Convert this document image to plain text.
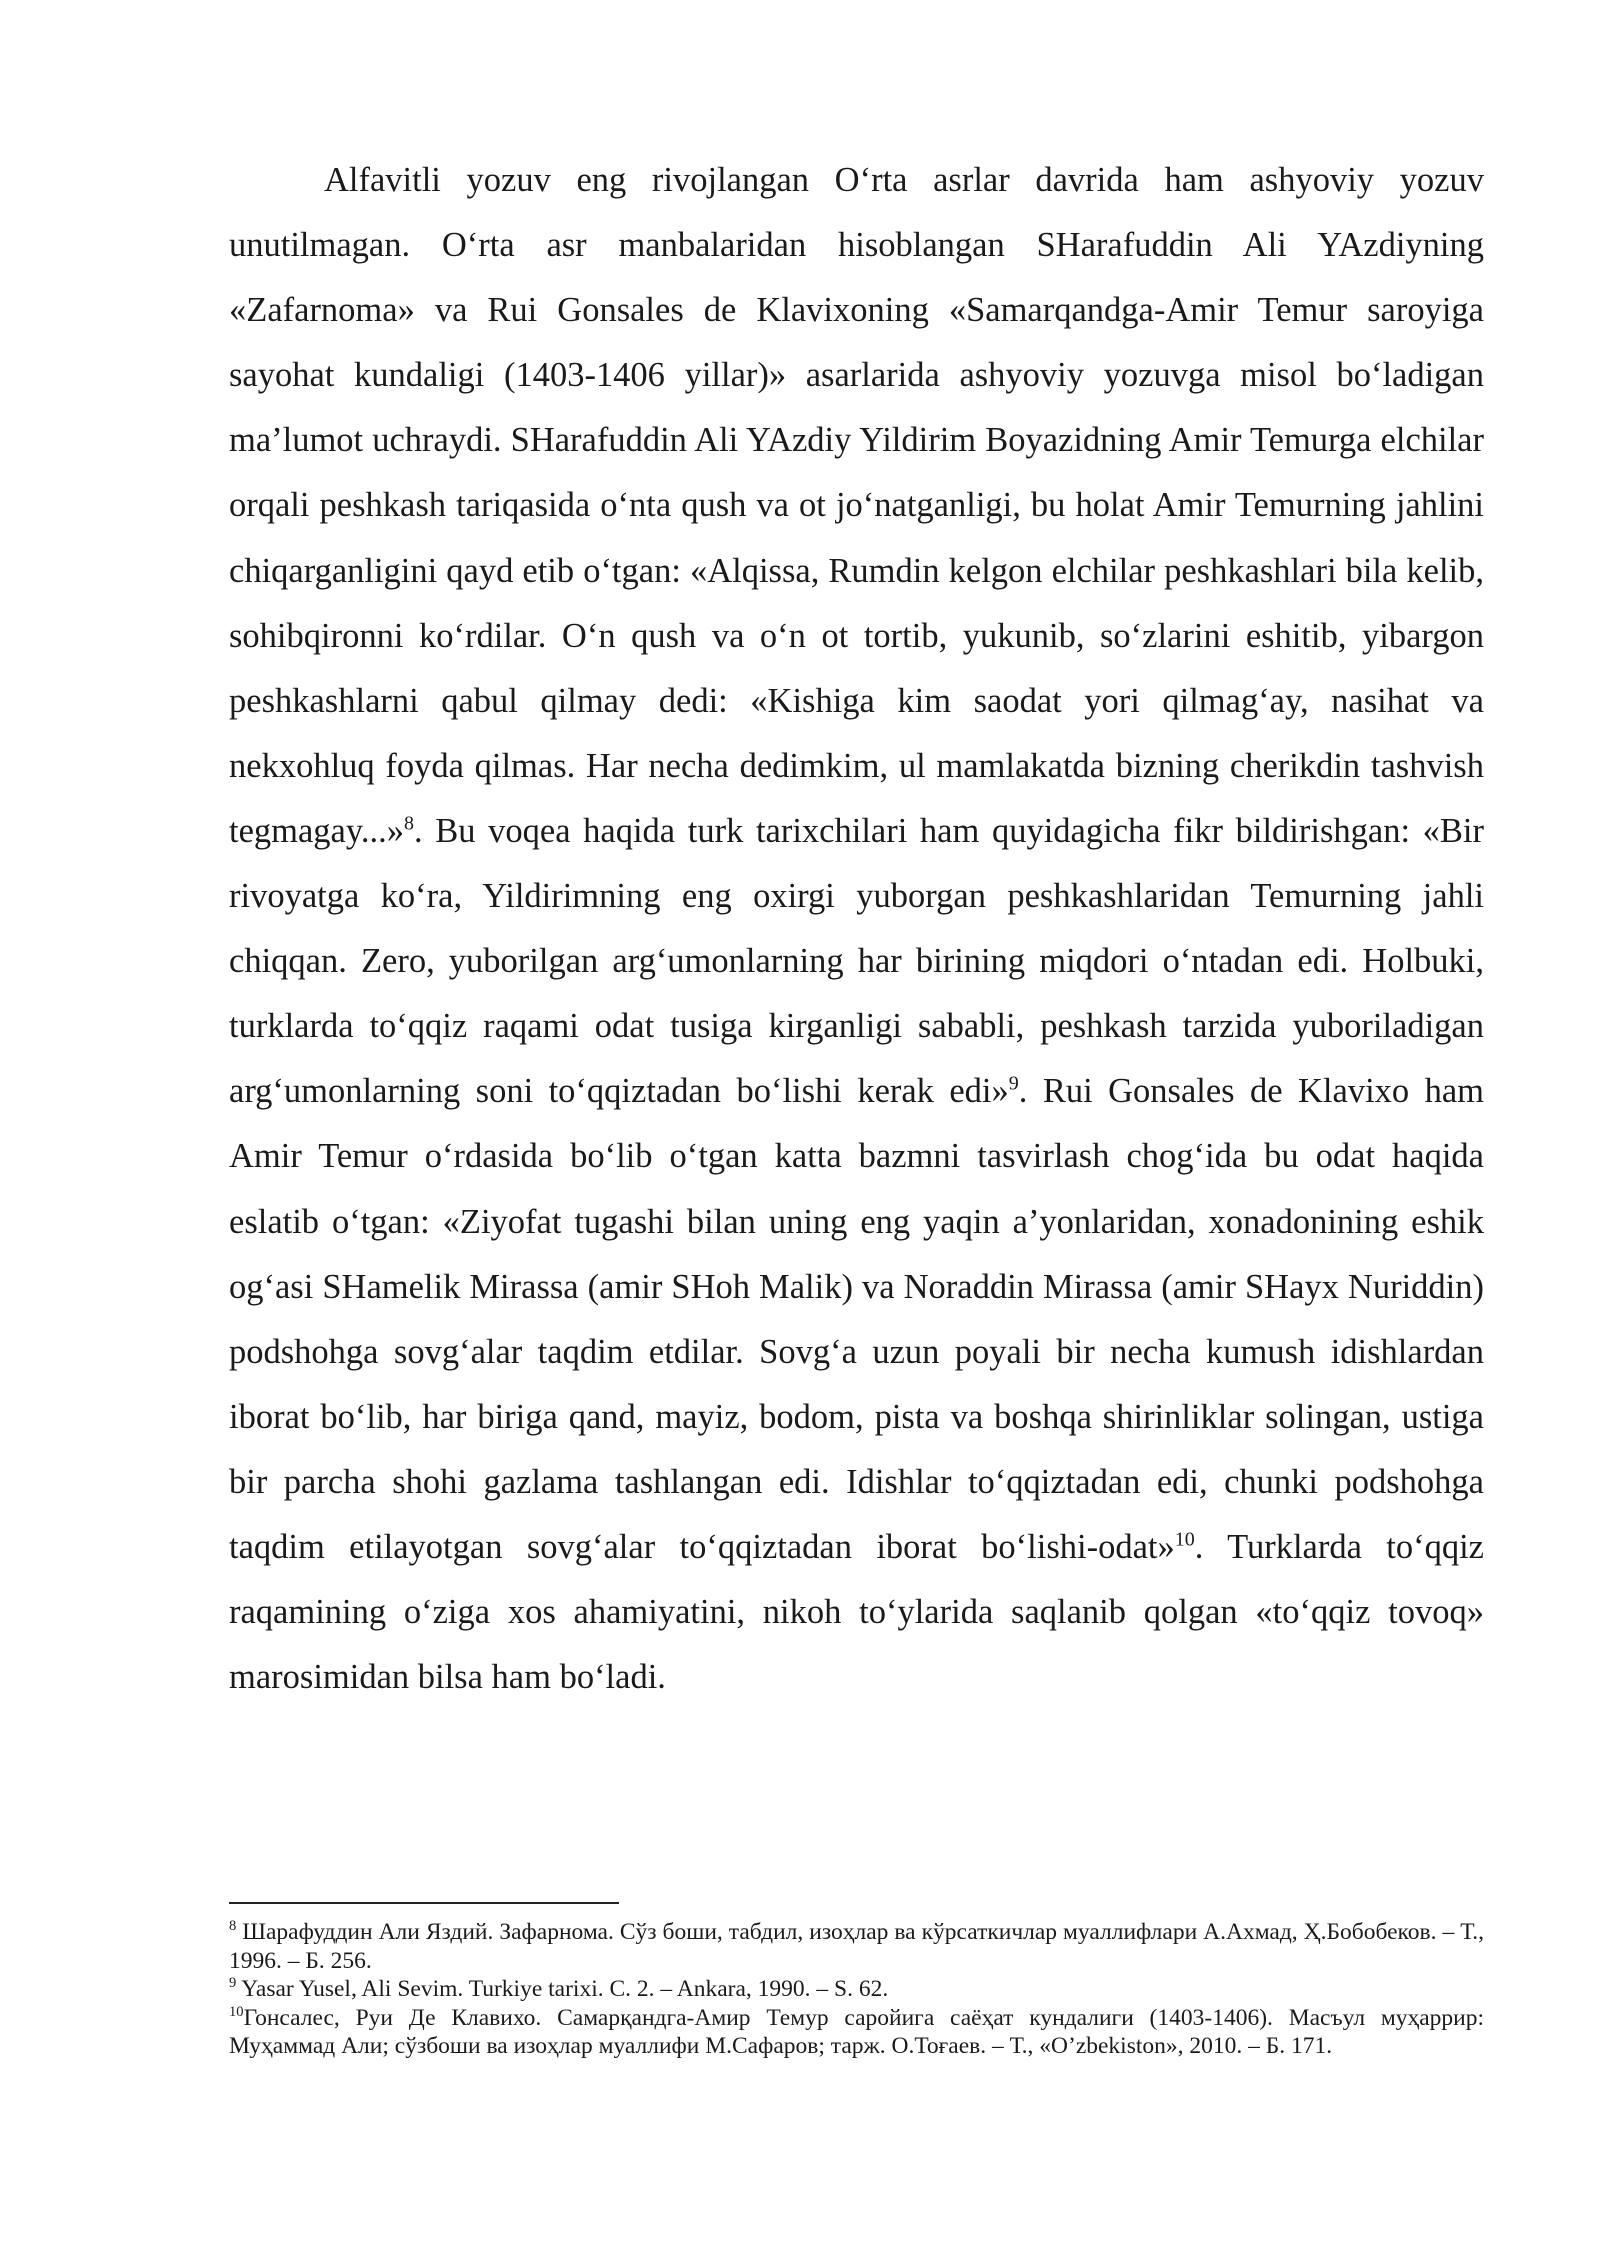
Alfavitli yozuv eng rivojlangan O‘rta asrlar davrida ham ashyoviy yozuv unutilmagan. O‘rta asr manbalaridan hisoblangan SHarafuddin Ali YAzdiyning «Zafarnoma» va Rui Gonsales de Klavixoning «Samarqandga-Amir Temur saroyiga sayohat kundaligi (1403-1406 yillar)» asarlarida ashyoviy yozuvga misol bo‘ladigan ma’lumot uchraydi. SHarafuddin Ali YAzdiy Yildirim Boyazidning Amir Temurga elchilar orqali peshkash tariqasida o‘nta qush va ot jo‘natganligi, bu holat Amir Temurning jahlini chiqarganligini qayd etib o‘tgan: «Alqissa, Rumdin kelgon elchilar peshkashlari bila kelib, sohibqironni ko‘rdilar. O‘n qush va o‘n ot tortib, yukunib, so‘zlarini eshitib, yibargon peshkashlarni qabul qilmay dedi: «Kishiga kim saodat yori qilmag‘ay, nasihat va nekxohluq foyda qilmas. Har necha dedimkim, ul mamlakatda bizning cherikdin tashvish tegmagay...»$^8$. Bu voqea haqida turk tarixchilari ham quyidagicha fikr bildirishgan: «Bir rivoyatga ko‘ra, Yildirimning eng oxirgi yuborgan peshkashlaridan Temurning jahli chiqqan. Zero, yuborilgan arg‘umonlarning har birining miqdori o‘ntadan edi. Holbuki, turklarda to‘qqiz raqami odat tusiga kirganligi sababli, peshkash tarzida yuboriladigan arg‘umonlarning soni to‘qqiztadan bo‘lishi kerak edi»$^9$. Rui Gonsales de Klavixo ham Amir Temur o‘rdasida bo‘lib o‘tgan katta bazmni tasvirlash chog‘ida bu odat haqida eslatib o‘tgan: «Ziyofat tugashi bilan uning eng yaqin a’yonlaridan, xonadonining eshik og‘asi SHamelik Mirassa (amir SHoh Malik) va Noraddin Mirassa (amir SHayx Nuriddin) podshohga sovg‘alar taqdim etdilar. Sovg‘a uzun poyali bir necha kumush idishlardan iborat bo‘lib, har biriga qand, mayiz, bodom, pista va boshqa shirinliklar solingan, ustiga bir parcha shohi gazlama tashlangan edi. Idishlar to‘qqiztadan edi, chunki podshohga taqdim etilayotgan sovg‘alar to‘qqiztadan iborat bo‘lishi-odat»$^{10}$. Turklarda to‘qqiz raqamining o‘ziga xos ahamiyatini, nikoh to‘ylarida saqlanib qolgan «to‘qqiz tovoq» marosimidan bilsa ham bo‘ladi.

$^8$ Шарафуддин Али Яздий. Зафарнома. Сўз боши, табдил, изоҳлар ва кўрсаткичлар муаллифлари А.Ахмад, Ҳ.Бобобеков. – Т., 1996. – Б. 256.

$^9$ Yasar Yusel, Ali Sevim. Turkiye tarixi. C. 2. – Ankara, 1990. – S. 62.

$^{10}$Гонсалес, Руи Де Клавихо. Самарқандга-Амир Темур саройига саёҳат кундалиги (1403-1406). Масъул муҳаррир: Муҳаммад Али; сўзбоши ва изоҳлар муаллифи М.Сафаров; тарж. О.Тоғаев. – Т., «O’zbekiston», 2010. – Б. 171.
